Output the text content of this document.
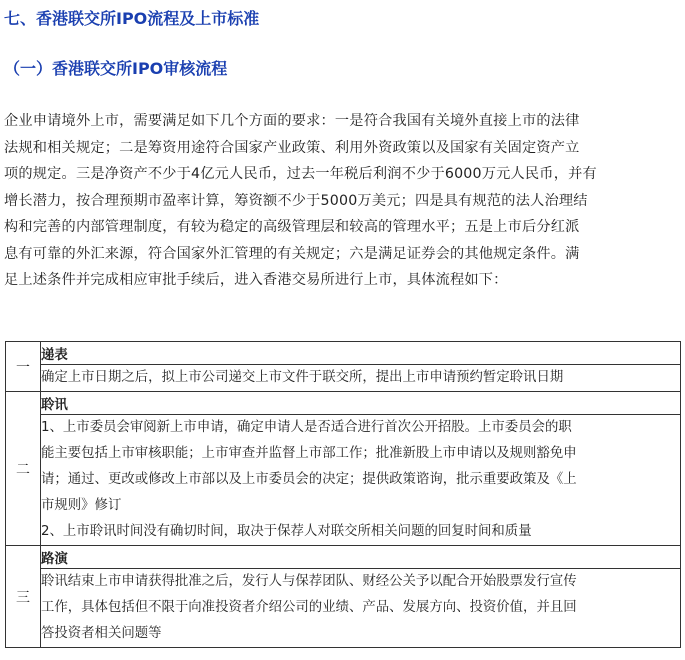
七、香港联交所IPO流程及上市标准
（一）香港联交所IPO审核流程
企业申请境外上市，需要满足如下几个方面的要求：一是符合我国有关境外直接上市的法律
法规和相关规定；二是筹资用途符合国家产业政策、利用外资政策以及国家有关固定资产立
项的规定。三是净资产不少于4亿元人民币，过去一年税后利润不少于6000万元人民币，并有
增长潜力，按合理预期市盈率计算，筹资额不少于5000万美元；四是具有规范的法人治理结
构和完善的内部管理制度，有较为稳定的高级管理层和较高的管理水平；五是上市后分红派
息有可靠的外汇来源，符合国家外汇管理的有关规定；六是满足证券会的其他规定条件。满
足上述条件并完成相应审批手续后，进入香港交易所进行上市，具体流程如下：
一	递表

	确定上市日期之后，拟上市公司递交上市文件于联交所，提出上市申请预约暂定聆讯日期

二	聆讯

	1、上市委员会审阅新上市申请，确定申请人是否适合进行首次公开招股。上市委员会的职
能主要包括上市审核职能；上市审查并监督上市部工作；批准新股上市申请以及规则豁免申
请；通过、更改或修改上市部以及上市委员会的决定；提供政策谘询，批示重要政策及《上
市规则》修订
2、上市聆讯时间没有确切时间，取决于保荐人对联交所相关问题的回复时间和质量

三	路演

	聆讯结束上市申请获得批准之后，发行人与保荐团队、财经公关予以配合开始股票发行宣传
工作，具体包括但不限于向准投资者介绍公司的业绩、产品、发展方向、投资价值，并且回
答投资者相关问题等
